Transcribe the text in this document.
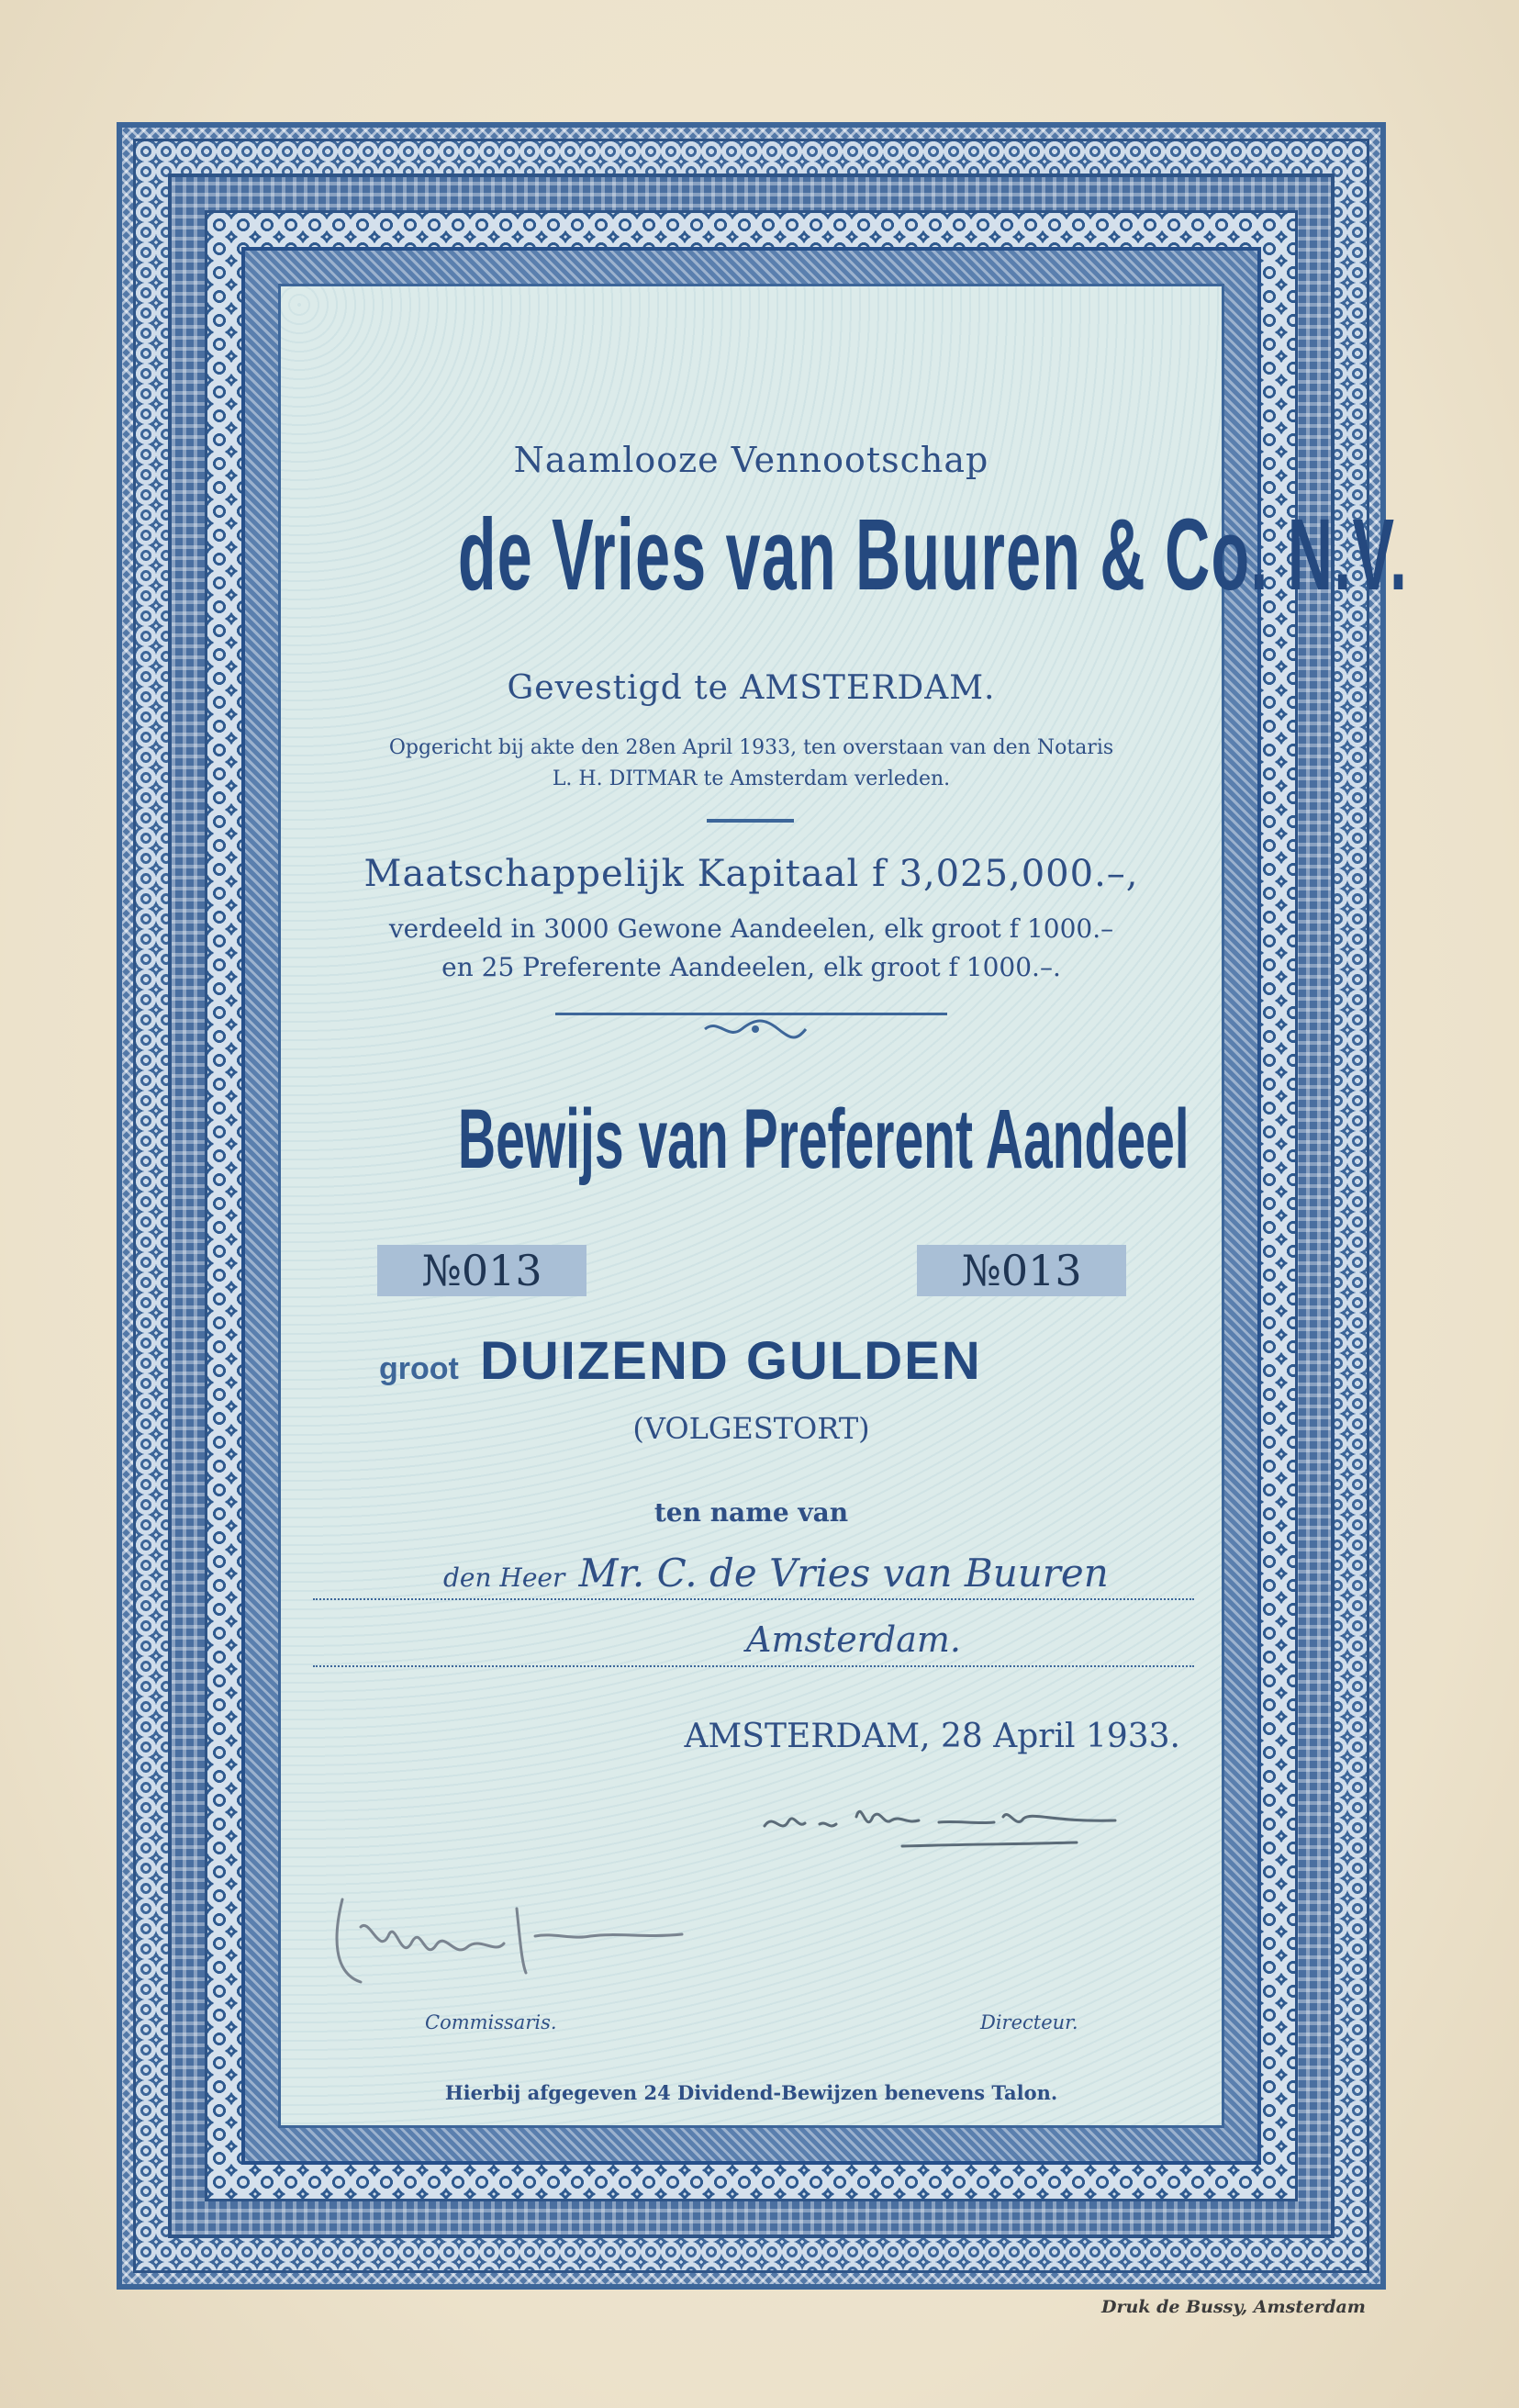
Naamlooze Vennootschap
de Vries van Buuren & Co. N.V.
Gevestigd te AMSTERDAM.
Opgericht bij akte den 28en April 1933, ten overstaan van den Notaris
L. H. DITMAR te Amsterdam verleden.
Maatschappelijk Kapitaal f 3,025,000.–,
verdeeld in 3000 Gewone Aandeelen, elk groot f 1000.–
en 25 Preferente Aandeelen, elk groot f 1000.–.
Bewijs van Preferent Aandeel
№013	№013
groot DUIZEND GULDEN
(VOLGESTORT)
ten name van
den Heer Mr. C. de Vries van Buuren
Amsterdam.
AMSTERDAM, 28 April 1933.
Commissaris.	Directeur.
Hierbij afgegeven 24 Dividend-Bewijzen benevens Talon.
Druk de Bussy, Amsterdam
